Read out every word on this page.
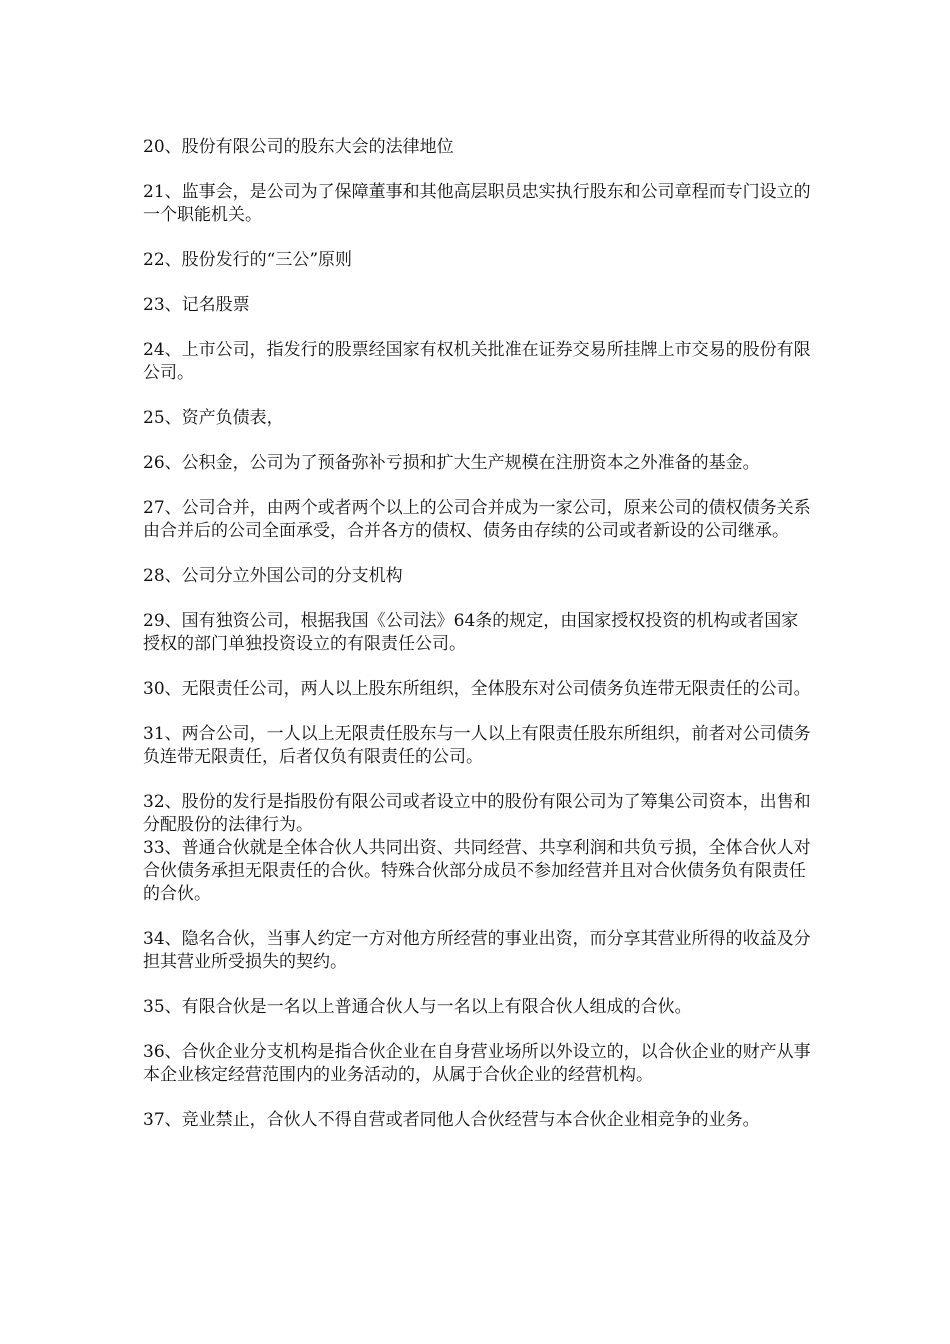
20、股份有限公司的股东大会的法律地位

21、监事会，是公司为了保障董事和其他高层职员忠实执行股东和公司章程而专门设立的一个职能机关。

22、股份发行的“三公”原则

23、记名股票

24、上市公司，指发行的股票经国家有权机关批准在证券交易所挂牌上市交易的股份有限公司。

25、资产负债表，

26、公积金，公司为了预备弥补亏损和扩大生产规模在注册资本之外准备的基金。

27、公司合并，由两个或者两个以上的公司合并成为一家公司，原来公司的债权债务关系由合并后的公司全面承受，合并各方的债权、债务由存续的公司或者新设的公司继承。

28、公司分立外国公司的分支机构

29、国有独资公司，根据我国《公司法》64条的规定，由国家授权投资的机构或者国家授权的部门单独投资设立的有限责任公司。

30、无限责任公司，两人以上股东所组织，全体股东对公司债务负连带无限责任的公司。

31、两合公司，一人以上无限责任股东与一人以上有限责任股东所组织，前者对公司债务负连带无限责任，后者仅负有限责任的公司。

32、股份的发行是指股份有限公司或者设立中的股份有限公司为了筹集公司资本，出售和分配股份的法律行为。

33、普通合伙就是全体合伙人共同出资、共同经营、共享利润和共负亏损，全体合伙人对合伙债务承担无限责任的合伙。特殊合伙部分成员不参加经营并且对合伙债务负有限责任的合伙。

34、隐名合伙，当事人约定一方对他方所经营的事业出资，而分享其营业所得的收益及分担其营业所受损失的契约。

35、有限合伙是一名以上普通合伙人与一名以上有限合伙人组成的合伙。

36、合伙企业分支机构是指合伙企业在自身营业场所以外设立的，以合伙企业的财产从事本企业核定经营范围内的业务活动的，从属于合伙企业的经营机构。

37、竞业禁止，合伙人不得自营或者同他人合伙经营与本合伙企业相竞争的业务。
